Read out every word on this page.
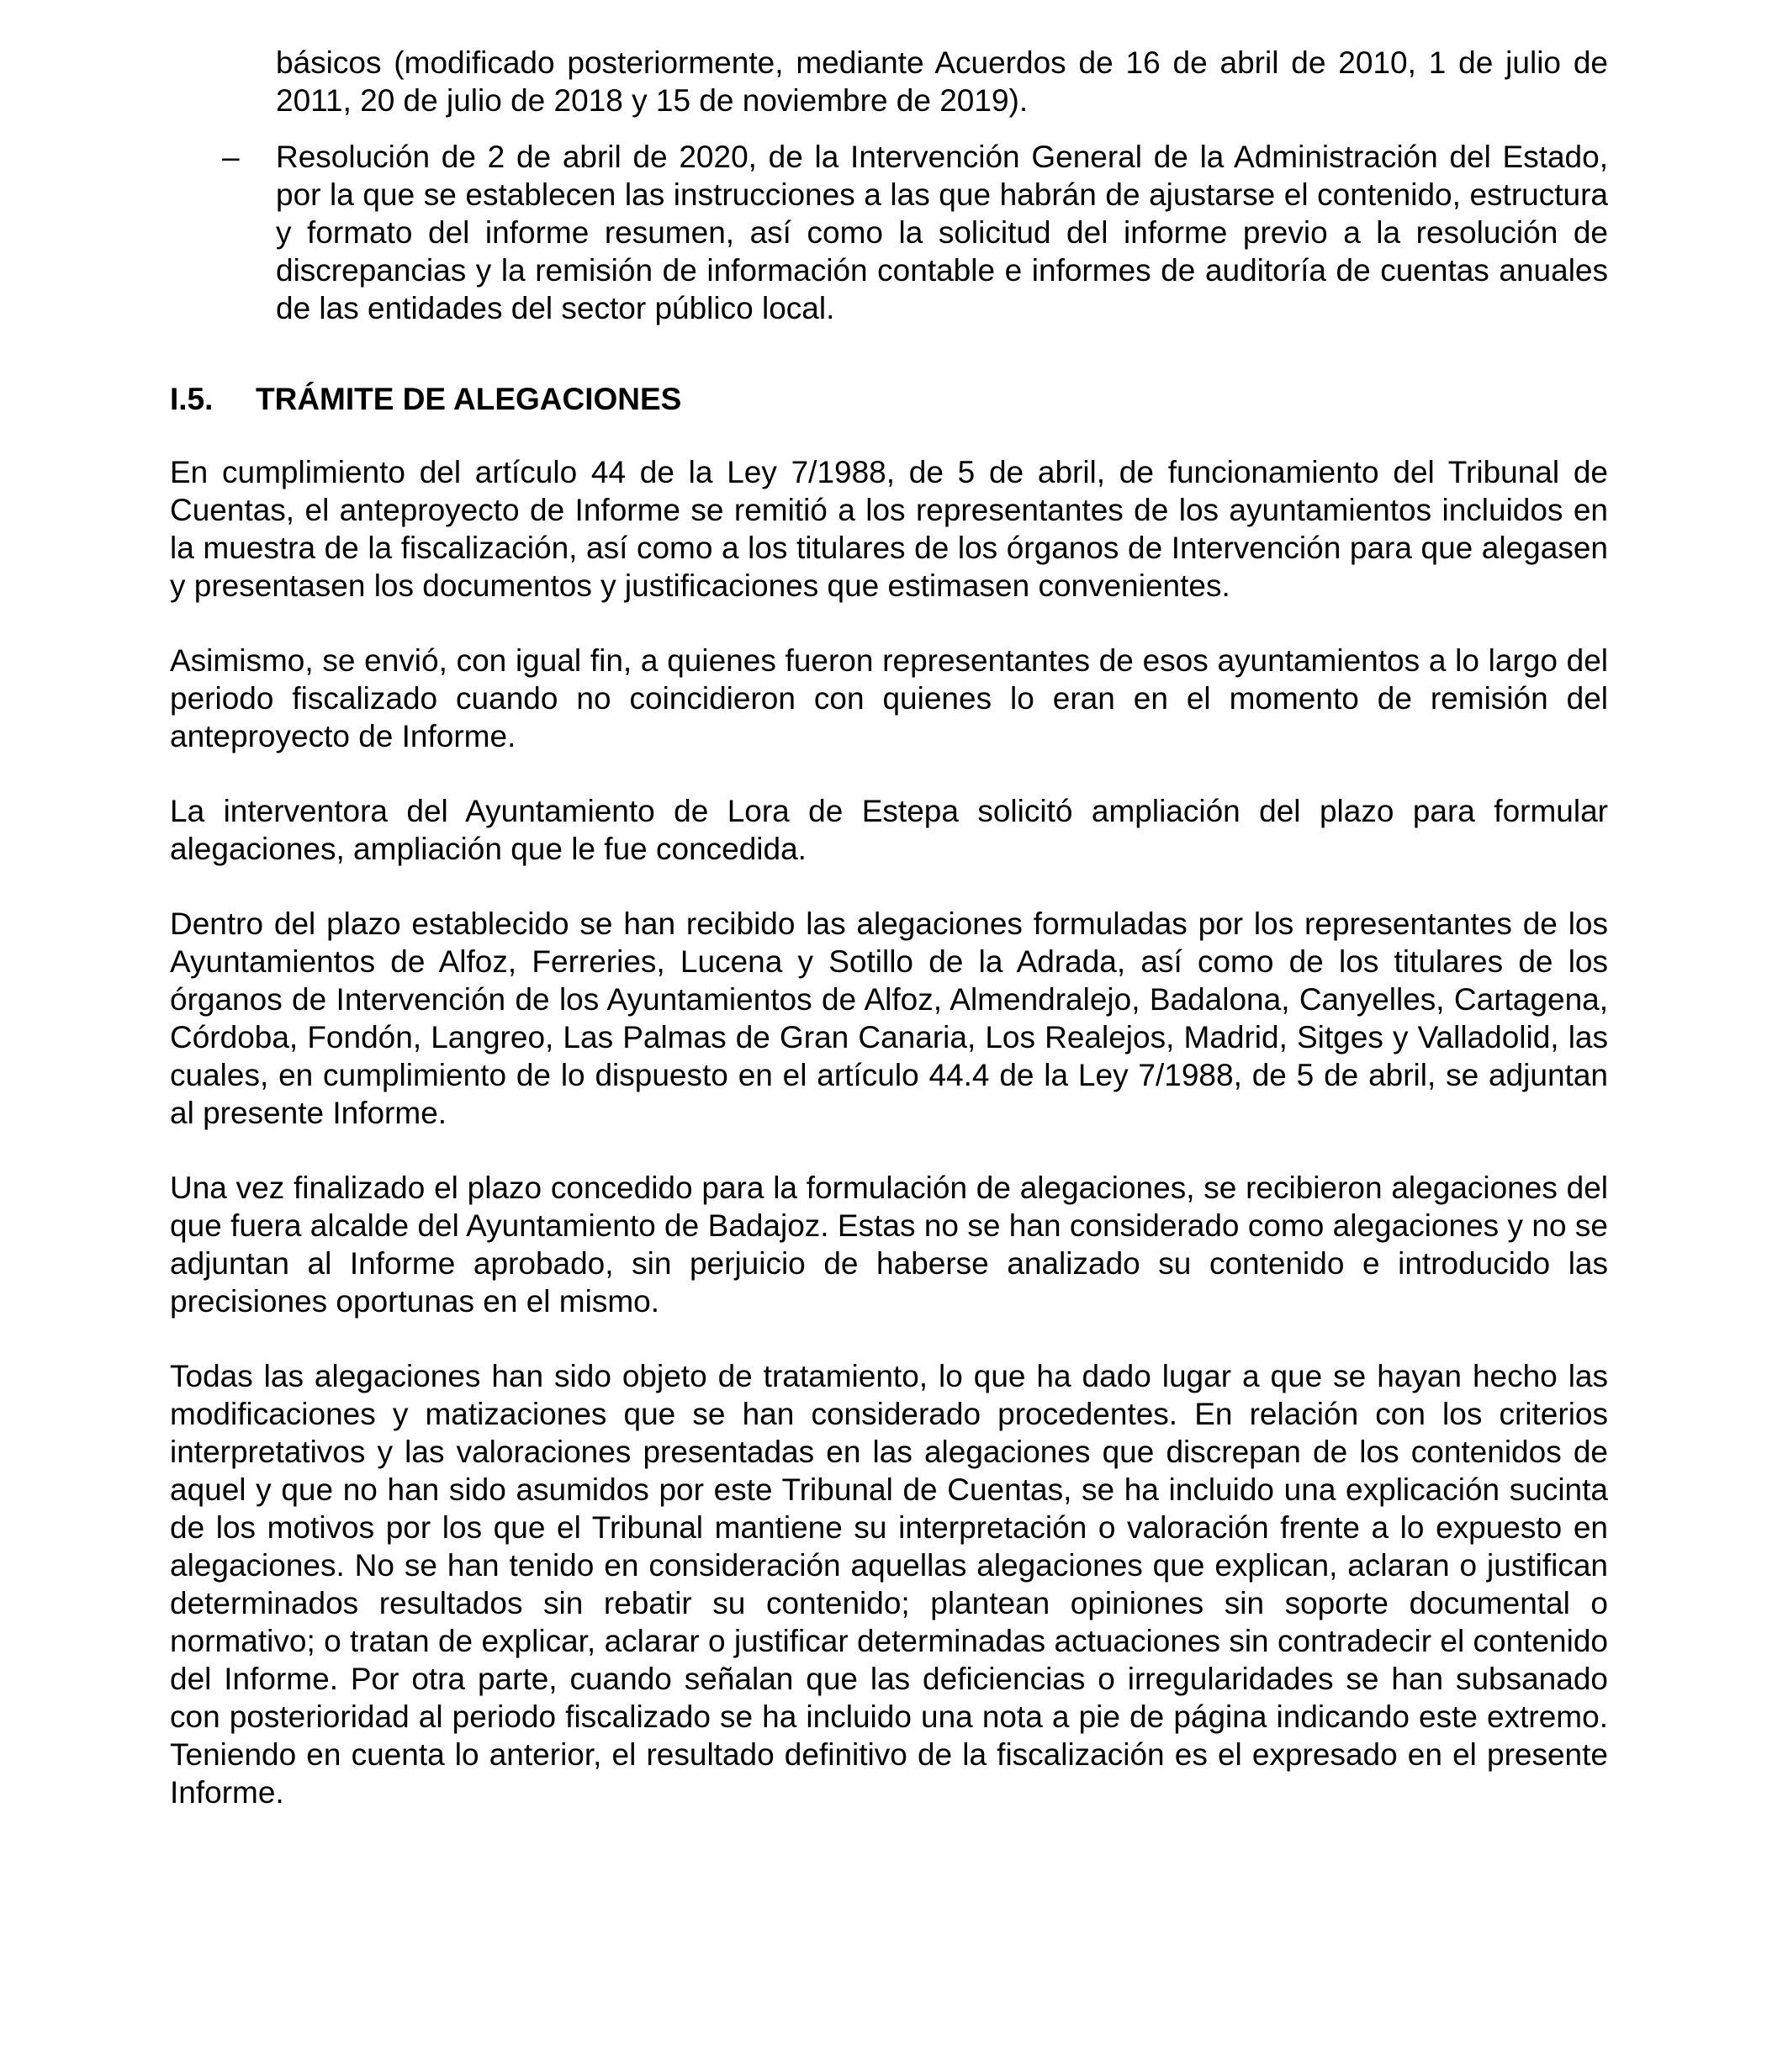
básicos (modificado posteriormente, mediante Acuerdos de 16 de abril de 2010, 1 de julio de 2011, 20 de julio de 2018 y 15 de noviembre de 2019).

– Resolución de 2 de abril de 2020, de la Intervención General de la Administración del Estado, por la que se establecen las instrucciones a las que habrán de ajustarse el contenido, estructura y formato del informe resumen, así como la solicitud del informe previo a la resolución de discrepancias y la remisión de información contable e informes de auditoría de cuentas anuales de las entidades del sector público local.
I.5.	TRÁMITE DE ALEGACIONES

En cumplimiento del artículo 44 de la Ley 7/1988, de 5 de abril, de funcionamiento del Tribunal de Cuentas, el anteproyecto de Informe se remitió a los representantes de los ayuntamientos incluidos en la muestra de la fiscalización, así como a los titulares de los órganos de Intervención para que alegasen y presentasen los documentos y justificaciones que estimasen convenientes.

Asimismo, se envió, con igual fin, a quienes fueron representantes de esos ayuntamientos a lo largo del periodo fiscalizado cuando no coincidieron con quienes lo eran en el momento de remisión del anteproyecto de Informe.

La interventora del Ayuntamiento de Lora de Estepa solicitó ampliación del plazo para formular alegaciones, ampliación que le fue concedida.

Dentro del plazo establecido se han recibido las alegaciones formuladas por los representantes de los Ayuntamientos de Alfoz, Ferreries, Lucena y Sotillo de la Adrada, así como de los titulares de los órganos de Intervención de los Ayuntamientos de Alfoz, Almendralejo, Badalona, Canyelles, Cartagena, Córdoba, Fondón, Langreo, Las Palmas de Gran Canaria, Los Realejos, Madrid, Sitges y Valladolid, las cuales, en cumplimiento de lo dispuesto en el artículo 44.4 de la Ley 7/1988, de 5 de abril, se adjuntan al presente Informe.

Una vez finalizado el plazo concedido para la formulación de alegaciones, se recibieron alegaciones del que fuera alcalde del Ayuntamiento de Badajoz. Estas no se han considerado como alegaciones y no se adjuntan al Informe aprobado, sin perjuicio de haberse analizado su contenido e introducido las precisiones oportunas en el mismo.

Todas las alegaciones han sido objeto de tratamiento, lo que ha dado lugar a que se hayan hecho las modificaciones y matizaciones que se han considerado procedentes. En relación con los criterios interpretativos y las valoraciones presentadas en las alegaciones que discrepan de los contenidos de aquel y que no han sido asumidos por este Tribunal de Cuentas, se ha incluido una explicación sucinta de los motivos por los que el Tribunal mantiene su interpretación o valoración frente a lo expuesto en alegaciones. No se han tenido en consideración aquellas alegaciones que explican, aclaran o justifican determinados resultados sin rebatir su contenido; plantean opiniones sin soporte documental o normativo; o tratan de explicar, aclarar o justificar determinadas actuaciones sin contradecir el contenido del Informe. Por otra parte, cuando señalan que las deficiencias o irregularidades se han subsanado con posterioridad al periodo fiscalizado se ha incluido una nota a pie de página indicando este extremo. Teniendo en cuenta lo anterior, el resultado definitivo de la fiscalización es el expresado en el presente Informe.
